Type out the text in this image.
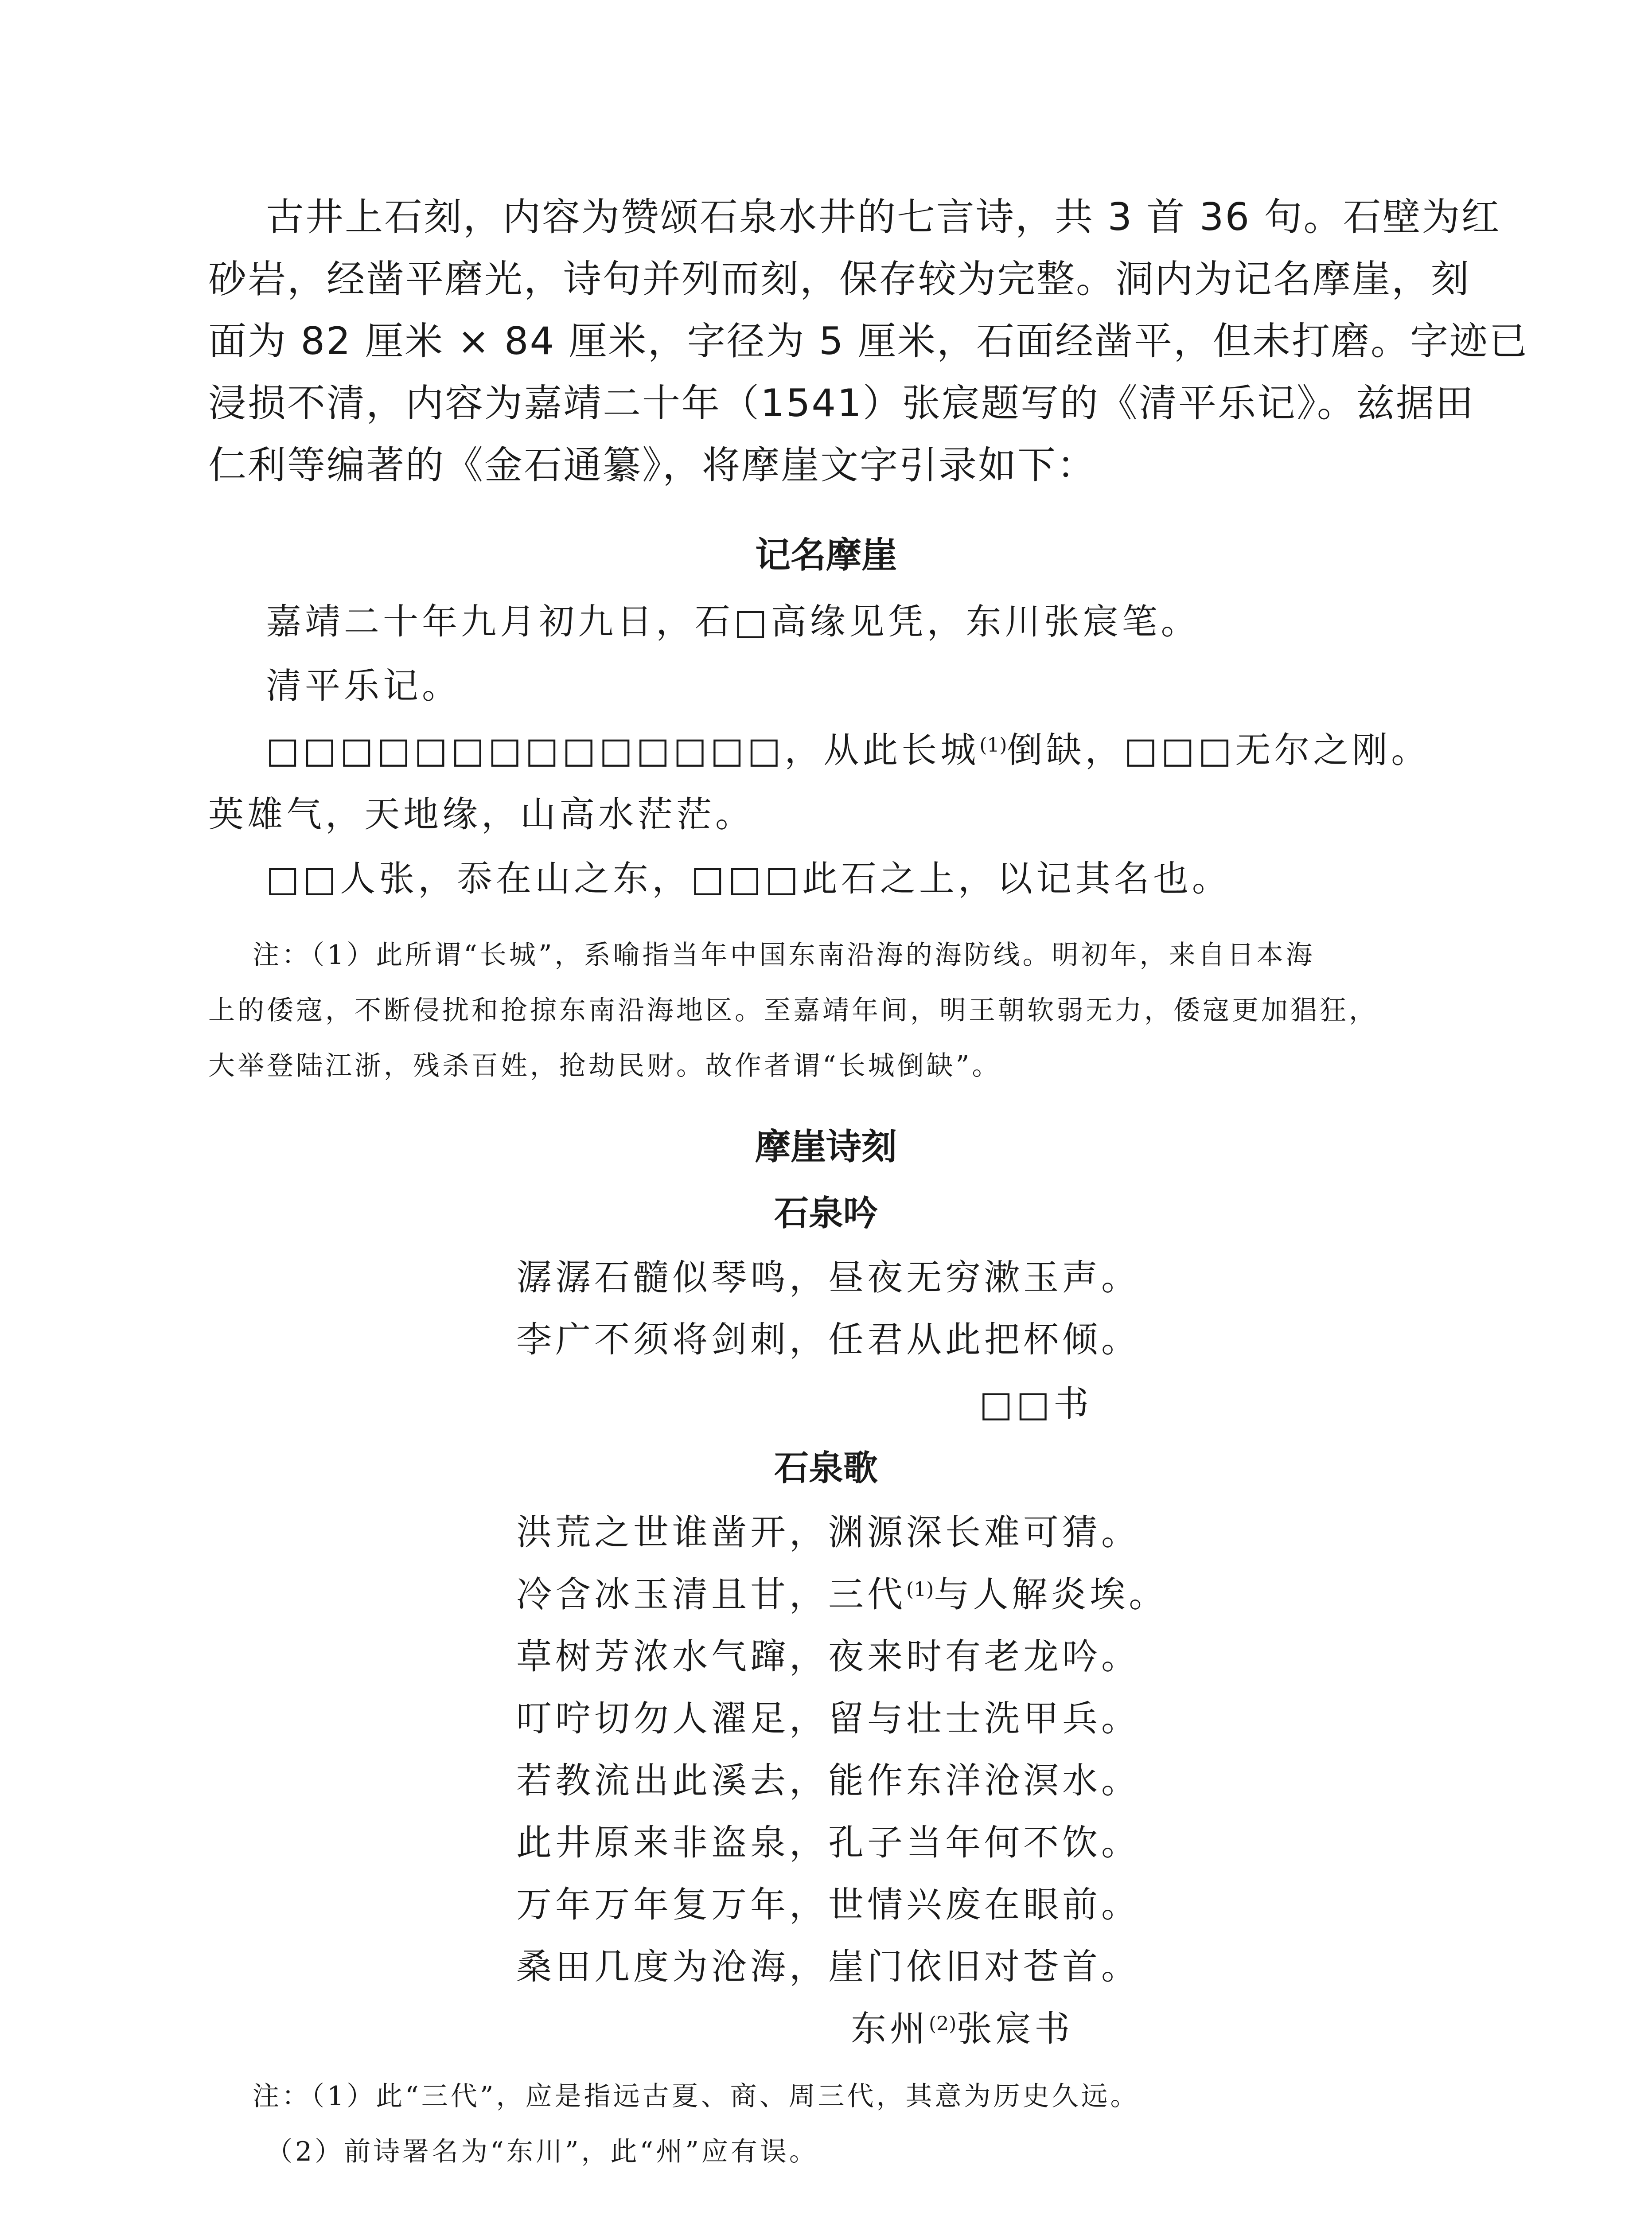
古井上石刻，内容为赞颂石泉水井的七言诗，共 3 首 36 句。石壁为红
砂岩，经凿平磨光，诗句并列而刻，保存较为完整。洞内为记名摩崖，刻
面为 82 厘米 × 84 厘米，字径为 5 厘米，石面经凿平，但未打磨。字迹已
浸损不清，内容为嘉靖二十年（1541）张宸题写的《清平乐记》。兹据田
仁利等编著的《金石通纂》，将摩崖文字引录如下：
记名摩崖
嘉靖二十年九月初九日，石□高缘见凭，东川张宸笔。
清平乐记。
□□□□□□□□□□□□□□，从此长城$^{(1)}$倒缺，□□□无尔之刚。
英雄气，天地缘，山高水茫茫。
□□人张，忝在山之东，□□□此石之上，以记其名也。
注：（1）此所谓“长城”，系喻指当年中国东南沿海的海防线。明初年，来自日本海
上的倭寇，不断侵扰和抢掠东南沿海地区。至嘉靖年间，明王朝软弱无力，倭寇更加猖狂，
大举登陆江浙，残杀百姓，抢劫民财。故作者谓“长城倒缺”。
摩崖诗刻
石泉吟
潺潺石髓似琴鸣，昼夜无穷漱玉声。
李广不须将剑刺，任君从此把杯倾。
□□书
石泉歌
洪荒之世谁凿开，渊源深长难可猜。
冷含冰玉清且甘，三代$^{(1)}$与人解炎埃。
草树芳浓水气蹿，夜来时有老龙吟。
叮咛切勿人濯足，留与壮士洗甲兵。
若教流出此溪去，能作东洋沧溟水。
此井原来非盗泉，孔子当年何不饮。
万年万年复万年，世情兴废在眼前。
桑田几度为沧海，崖门依旧对苍首。
东州$^{(2)}$张宸书
注：（1）此“三代”，应是指远古夏、商、周三代，其意为历史久远。
（2）前诗署名为“东川”，此“州”应有误。
